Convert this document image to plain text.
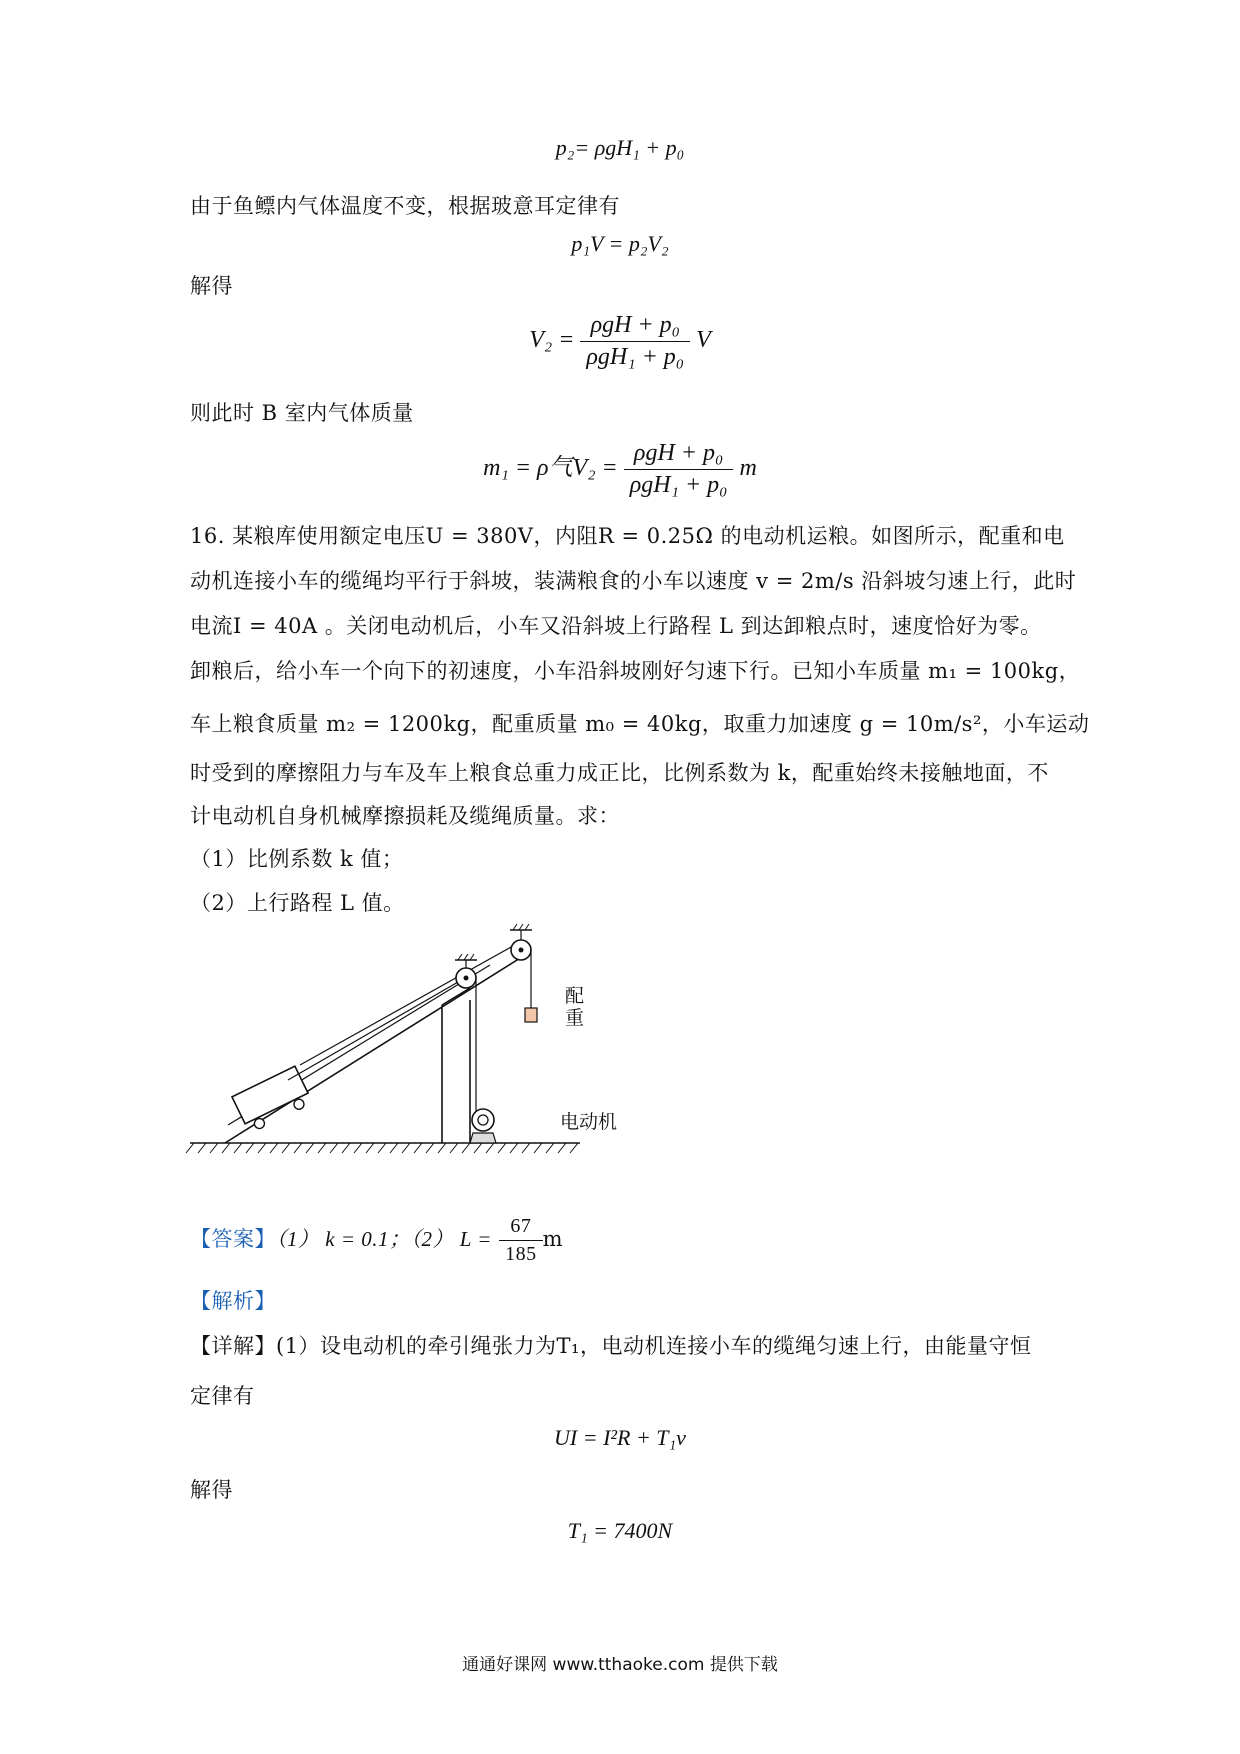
p₂= ρgH₁ + p₀
由于鱼鳔内气体温度不变，根据玻意耳定律有
p₁V = p₂V₂
解得
$V_2 = \frac{\text{ρgH + p₀}}{\text{ρgH₁ + p₀}}$ V
则此时 B 室内气体质量
m₁ = ρ气$V_2 = \frac{\text{ρgH + p₀}}{\text{ρgH₁ + p₀}}$ m
16. 某粮库使用额定电压U = 380V，内阻R = 0.25Ω 的电动机运粮。如图所示，配重和电
动机连接小车的缆绳均平行于斜坡，装满粮食的小车以速度 v = 2m/s 沿斜坡匀速上行，此时
电流I = 40A 。关闭电动机后，小车又沿斜坡上行路程 L 到达卸粮点时，速度恰好为零。
卸粮后，给小车一个向下的初速度，小车沿斜坡刚好匀速下行。已知小车质量 m₁ = 100kg，
车上粮食质量 m₂ = 1200kg，配重质量 m₀ = 40kg，取重力加速度 g = 10m/s²，小车运动
时受到的摩擦阻力与车及车上粮食总重力成正比，比例系数为 k，配重始终未接触地面，不
计电动机自身机械摩擦损耗及缆绳质量。求：
（1）比例系数 k 值；
（2）上行路程 L 值。
配
重
电动机
【答案】（1） k = 0.1；（2） $L = \frac{67}{185}$ m
【解析】
【详解】(1）设电动机的牵引绳张力为T₁，电动机连接小车的缆绳匀速上行，由能量守恒
定律有
UI = I²R + T₁v
解得
T₁ = 7400N
通通好课网 www.tthaoke.com 提供下载
